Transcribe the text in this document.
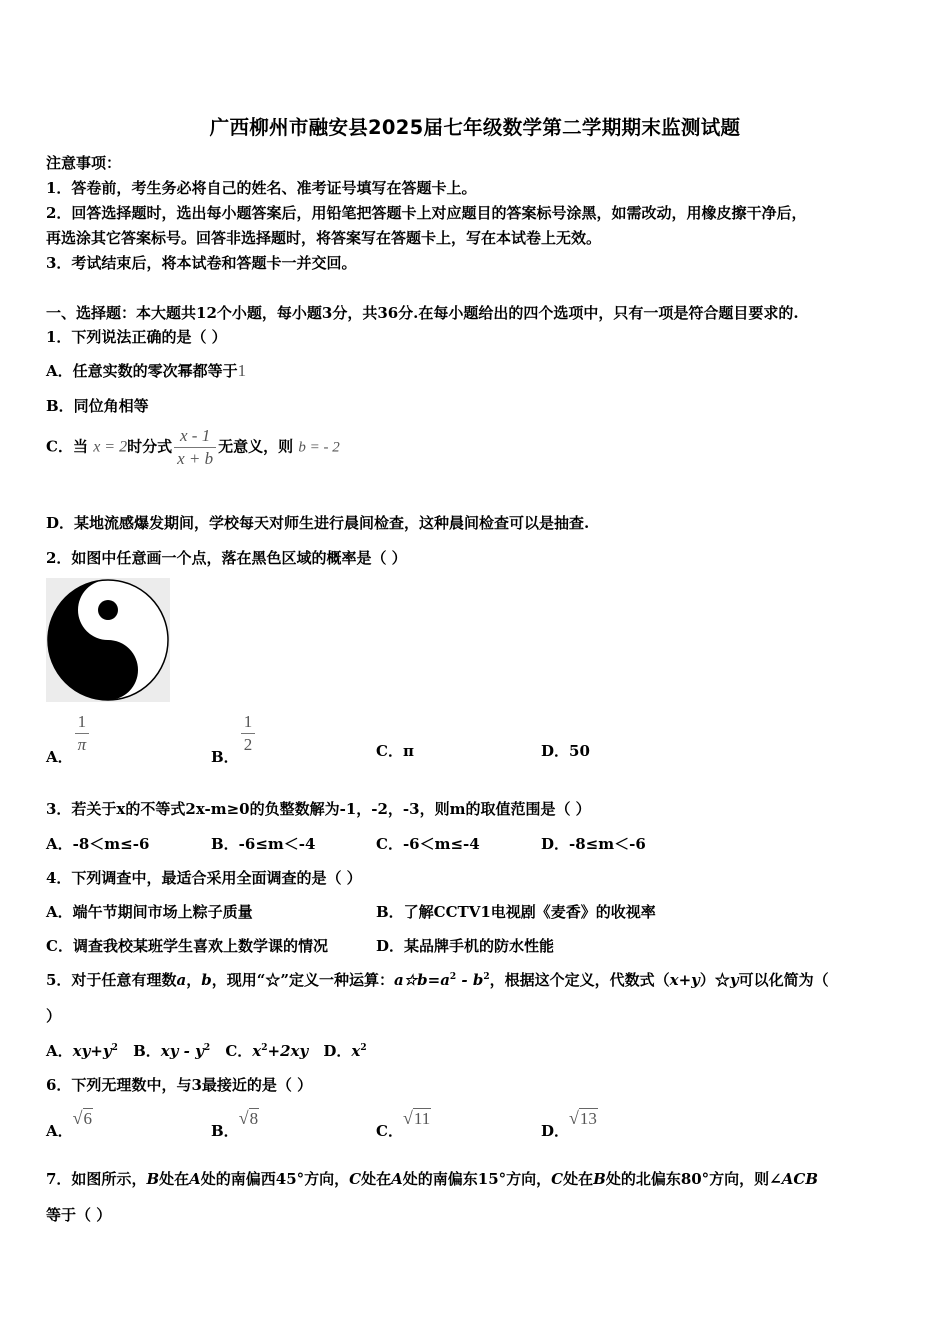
广西柳州市融安县2025届七年级数学第二学期期末监测试题
注意事项：
1．答卷前，考生务必将自己的姓名、准考证号填写在答题卡上。
2．回答选择题时，选出每小题答案后，用铅笔把答题卡上对应题目的答案标号涂黑，如需改动，用橡皮擦干净后，
再选涂其它答案标号。回答非选择题时，将答案写在答题卡上，写在本试卷上无效。
3．考试结束后，将本试卷和答题卡一并交回。
一、选择题：本大题共12个小题，每小题3分，共36分.在每小题给出的四个选项中，只有一项是符合题目要求的.
1．下列说法正确的是（ ）
A．任意实数的零次幂都等于1
B．同位角相等
C．当 x = 2时分式 $\frac{x - 1}{x + b}$ 无意义，则 b = - 2
D．某地流感爆发期间，学校每天对师生进行晨间检查，这种晨间检查可以是抽查.
2．如图中任意画一个点，落在黑色区域的概率是（ ）
A．
$\frac{1}{\pi}$
B．
$\frac{1}{2}$	C．π	D．50
3．若关于x的不等式2x-m≥0的负整数解为-1，-2，-3，则m的取值范围是（ ）
A．-8＜m≤-6	B．-6≤m＜-4	C．-6＜m≤-4	D．-8≤m＜-6
4．下列调查中，最适合采用全面调查的是（ ）
A．端午节期间市场上粽子质量	B．了解CCTV1电视剧《麦香》的收视率
C．调查我校某班学生喜欢上数学课的情况	D．某品牌手机的防水性能
5．对于任意有理数a，b，现用“☆”定义一种运算：$a☆b=a^2 - b^2$，根据这个定义，代数式（x+y）☆y可以化简为（
）
A．$xy+y^2$ B．xy - $y^2$ C．$x^2+2xy$ D．$x^2$
6．下列无理数中，与3最接近的是（ ）
A．√6
B．√8
C．√11
D．√13
7．如图所示，B处在A处的南偏西45°方向，C处在A处的南偏东15°方向，C处在B处的北偏东80°方向，则∠ACB
等于（ ）
